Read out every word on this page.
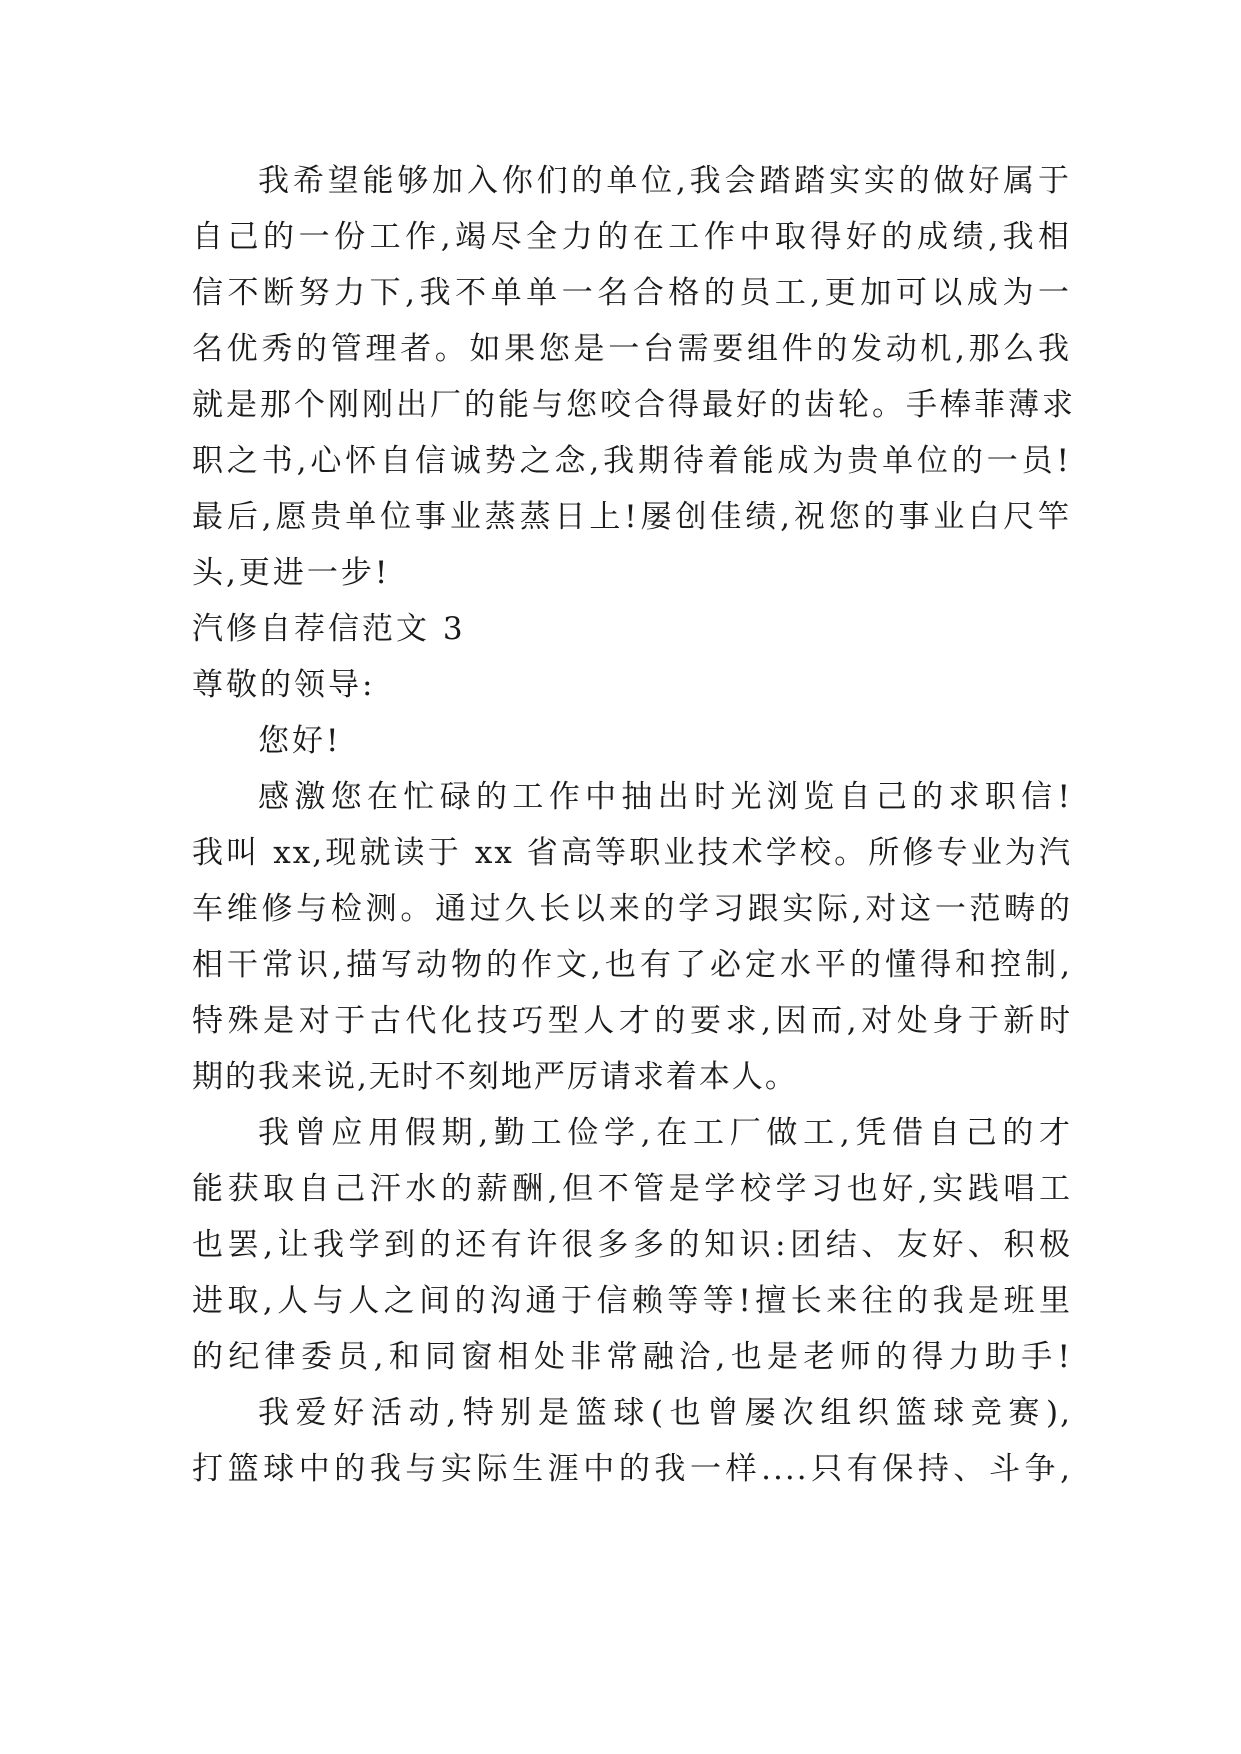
我希望能够加入你们的单位,我会踏踏实实的做好属于
自己的一份工作,竭尽全力的在工作中取得好的成绩,我相
信不断努力下,我不单单一名合格的员工,更加可以成为一
名优秀的管理者。如果您是一台需要组件的发动机,那么我
就是那个刚刚出厂的能与您咬合得最好的齿轮。手棒菲薄求
职之书,心怀自信诚势之念,我期待着能成为贵单位的一员!
最后,愿贵单位事业蒸蒸日上!屡创佳绩,祝您的事业白尺竿
头,更进一步!
汽修自荐信范文 3
尊敬的领导:
您好!
感激您在忙碌的工作中抽出时光浏览自己的求职信!
我叫 xx,现就读于 xx 省高等职业技术学校。所修专业为汽
车维修与检测。通过久长以来的学习跟实际,对这一范畴的
相干常识,描写动物的作文,也有了必定水平的懂得和控制,
特殊是对于古代化技巧型人才的要求,因而,对处身于新时
期的我来说,无时不刻地严厉请求着本人。
我曾应用假期,勤工俭学,在工厂做工,凭借自己的才
能获取自己汗水的薪酬,但不管是学校学习也好,实践唱工
也罢,让我学到的还有许很多多的知识:团结、友好、积极
进取,人与人之间的沟通于信赖等等!擅长来往的我是班里
的纪律委员,和同窗相处非常融洽,也是老师的得力助手!
我爱好活动,特别是篮球(也曾屡次组织篮球竞赛),
打篮球中的我与实际生涯中的我一样....只有保持、斗争,
